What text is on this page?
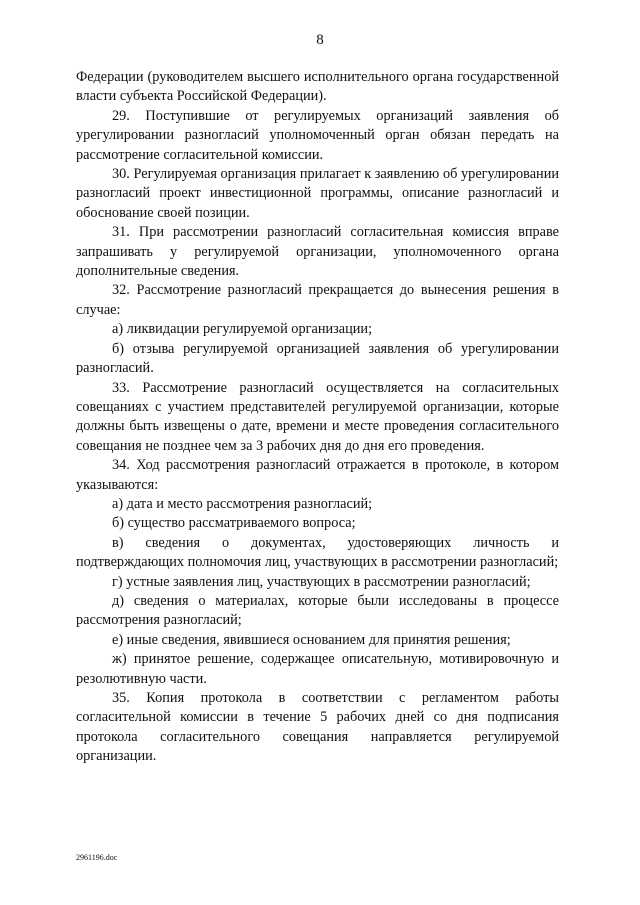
8

Федерации (руководителем высшего исполнительного органа государственной власти субъекта Российской Федерации).

29. Поступившие от регулируемых организаций заявления об урегулировании разногласий уполномоченный орган обязан передать на рассмотрение согласительной комиссии.

30. Регулируемая организация прилагает к заявлению об урегулировании разногласий проект инвестиционной программы, описание разногласий и обоснование своей позиции.

31. При рассмотрении разногласий согласительная комиссия вправе запрашивать у регулируемой организации, уполномоченного органа дополнительные сведения.

32. Рассмотрение разногласий прекращается до вынесения решения в случае:

а) ликвидации регулируемой организации;

б) отзыва регулируемой организацией заявления об урегулировании разногласий.

33. Рассмотрение разногласий осуществляется на согласительных совещаниях с участием представителей регулируемой организации, которые должны быть извещены о дате, времени и месте проведения согласительного совещания не позднее чем за 3 рабочих дня до дня его проведения.

34. Ход рассмотрения разногласий отражается в протоколе, в котором указываются:

а) дата и место рассмотрения разногласий;

б) существо рассматриваемого вопроса;

в) сведения о документах, удостоверяющих личность и подтверждающих полномочия лиц, участвующих в рассмотрении разногласий;

г) устные заявления лиц, участвующих в рассмотрении разногласий;

д) сведения о материалах, которые были исследованы в процессе рассмотрения разногласий;

е) иные сведения, явившиеся основанием для принятия решения;

ж) принятое решение, содержащее описательную, мотивировочную и резолютивную части.

35. Копия протокола в соответствии с регламентом работы согласительной комиссии в течение 5 рабочих дней со дня подписания протокола согласительного совещания направляется регулируемой организации.

2961196.doc
